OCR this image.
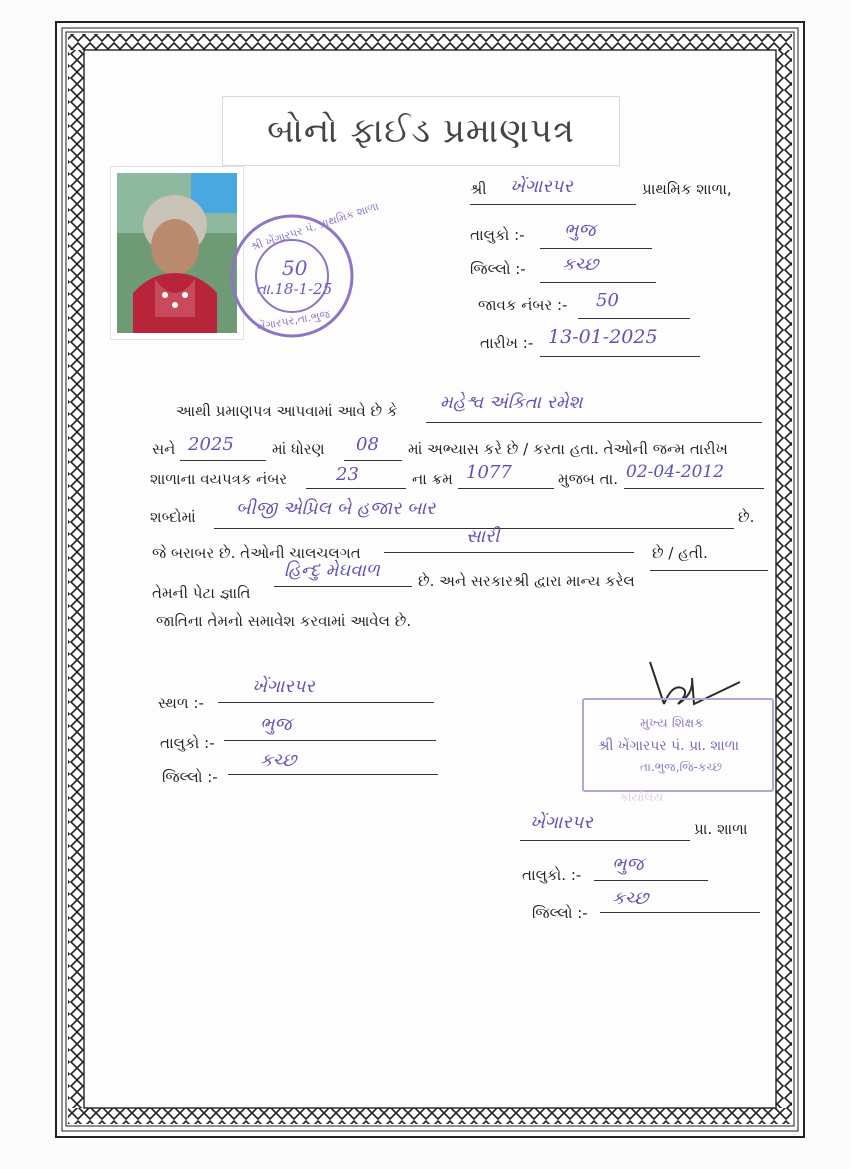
બોનો ફાઈડ પ્રમાણપત્ર
શ્રી ખેંગારપર પં. પ્રાથમિક શાળા
ખેંગારપર,તા.ભુજ
50
તા.18-1-25
શ્રી ખેંગારપર	પ્રાથમિક શાળા,
તાલુકો :- ભુજ
જિલ્લો :- કચ્છ
જાવક નંબર :- 50
તારીખ :- 13-01-2025
આથી પ્રમાણપત્ર આપવામાં આવે છે કે મહેશ્વ અંકિતા રમેશ
સને 2025	માં ધોરણ 08 માં અભ્યાસ કરે છે / કરતા હતા. તેઓની જન્મ તારીખ
શાળાના વયપત્રક નંબર	23	ના ક્રમ 1077	મુજબ તા. 02-04-2012
શબ્દોમાં બીજી એપ્રિલ બે હજાર બાર	છે.
જે બરાબર છે. તેઓની ચાલચલગત
સારી
છે / હતી.
તેમની પેટા જ્ઞાતિ
હિન્દુ મેઘવાળ	છે. અને સરકારશ્રી દ્વારા માન્ય કરેલ
જાતિના તેમનો સમાવેશ કરવામાં આવેલ છે.
સ્થળ :-
ખેંગારપર
તાલુકો :-
ભુજ
જિલ્લો :-
કચ્છ
મુખ્ય શિક્ષક
શ્રી ખેંગારપર પં. પ્રા. શાળા
તા.ભુજ,જિ-કચ્છ
કાર્યાલય
ખેંગારપર	પ્રા. શાળા
તાલુકો. :- ભુજ
જિલ્લો :-
કચ્છ
